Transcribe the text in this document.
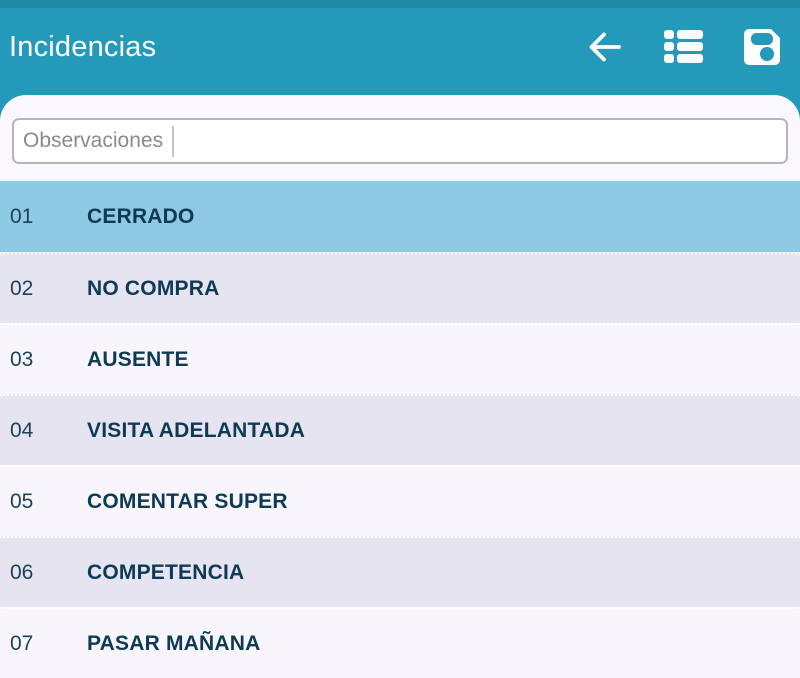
Incidencias
Observaciones
01	CERRADO
02	NO COMPRA
03	AUSENTE
04	VISITA ADELANTADA
05	COMENTAR SUPER
06	COMPETENCIA
07	PASAR MAÑANA
